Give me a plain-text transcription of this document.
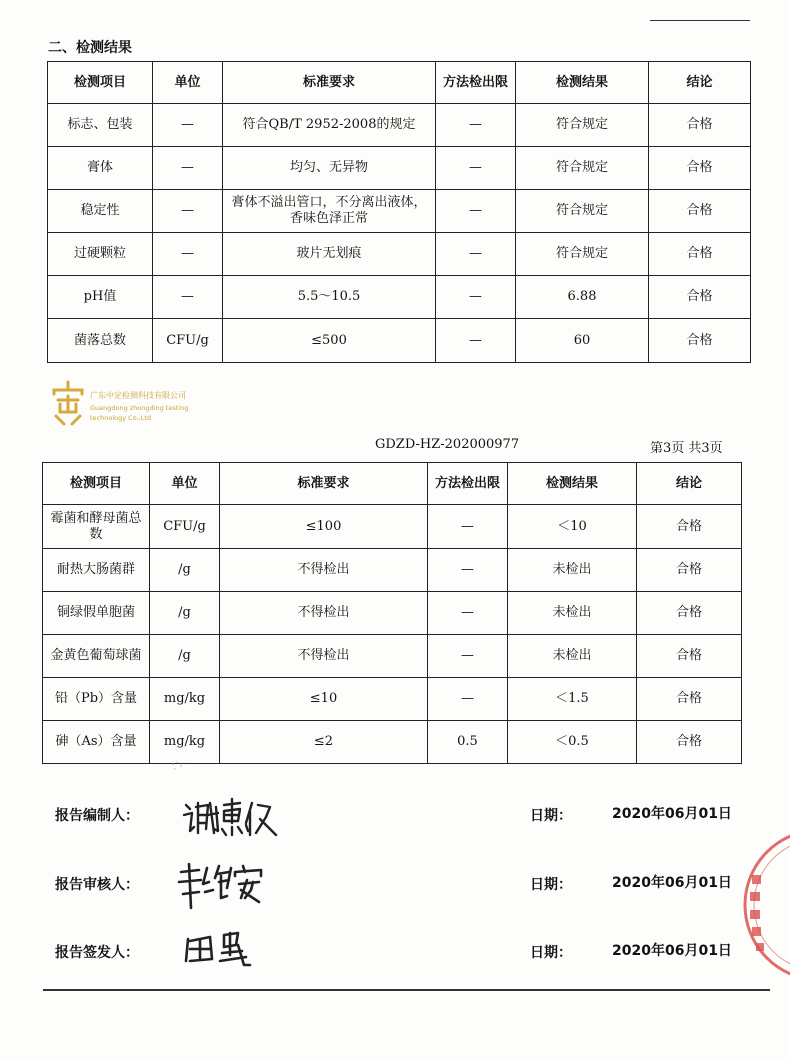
二、检测结果
检测项目	单位	标准要求	方法检出限	检测结果	结论
标志、包装	—	符合QB/T 2952-2008的规定	—	符合规定	合格
膏体	—	均匀、无异物	—	符合规定	合格
稳定性	—	膏体不溢出管口，不分离出液体，香味色泽正常	—	符合规定	合格
过硬颗粒	—	玻片无划痕	—	符合规定	合格
pH值	—	5.5～10.5	—	6.88	合格
菌落总数	CFU/g	≤500	—	60	合格
广东中定检测科技有限公司
Guangdong zhongding testing
technology Co.,Ltd
GDZD-HZ-202000977	第3页 共3页
检测项目	单位	标准要求	方法检出限	检测结果	结论
霉菌和酵母菌总数	CFU/g	≤100	—	＜10	合格
耐热大肠菌群	/g	不得检出	—	未检出	合格
铜绿假单胞菌	/g	不得检出	—	未检出	合格
金黄色葡萄球菌	/g	不得检出	—	未检出	合格
铅（Pb）含量	mg/kg	≤10	—	＜1.5	合格
砷（As）含量	mg/kg	≤2	0.5	＜0.5	合格
报告编制人：	日期：	2020年06月01日
报告审核人：	日期：	2020年06月01日
报告签发人：	日期：	2020年06月01日
